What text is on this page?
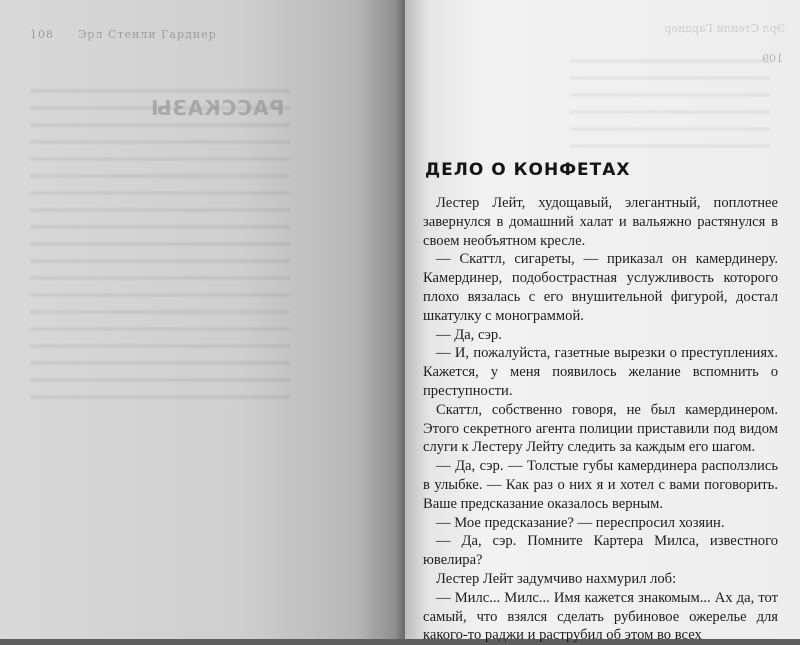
108 Эрл Стенли Гарднер
РАССКАЗЫ
Эрл Стенли Гарднер
109
ДЕЛО О КОНФЕТАХ

Лестер Лейт, худощавый, элегантный, поплотнее завернулся в домашний халат и вальяжно растянулся в своем необъятном кресле.

— Скаттл, сигареты, — приказал он камердинеру. Камердинер, подобострастная услужливость которого плохо вязалась с его внушительной фигурой, достал шкатулку с монограммой.

— Да, сэр.

— И, пожалуйста, газетные вырезки о преступлениях. Кажется, у меня появилось желание вспомнить о преступности.

Скаттл, собственно говоря, не был камердинером. Этого секретного агента полиции приставили под видом слуги к Лестеру Лейту следить за каждым его шагом.

— Да, сэр. — Толстые губы камердинера расползлись в улыбке. — Как раз о них я и хотел с вами поговорить. Ваше предсказание оказалось верным.

— Мое предсказание? — переспросил хозяин.

— Да, сэр. Помните Картера Милса, известного ювелира?

Лестер Лейт задумчиво нахмурил лоб:

— Милс... Милс... Имя кажется знакомым... Ах да, тот самый, что взялся сделать рубиновое ожерелье для какого-то раджи и раструбил об этом во всех
